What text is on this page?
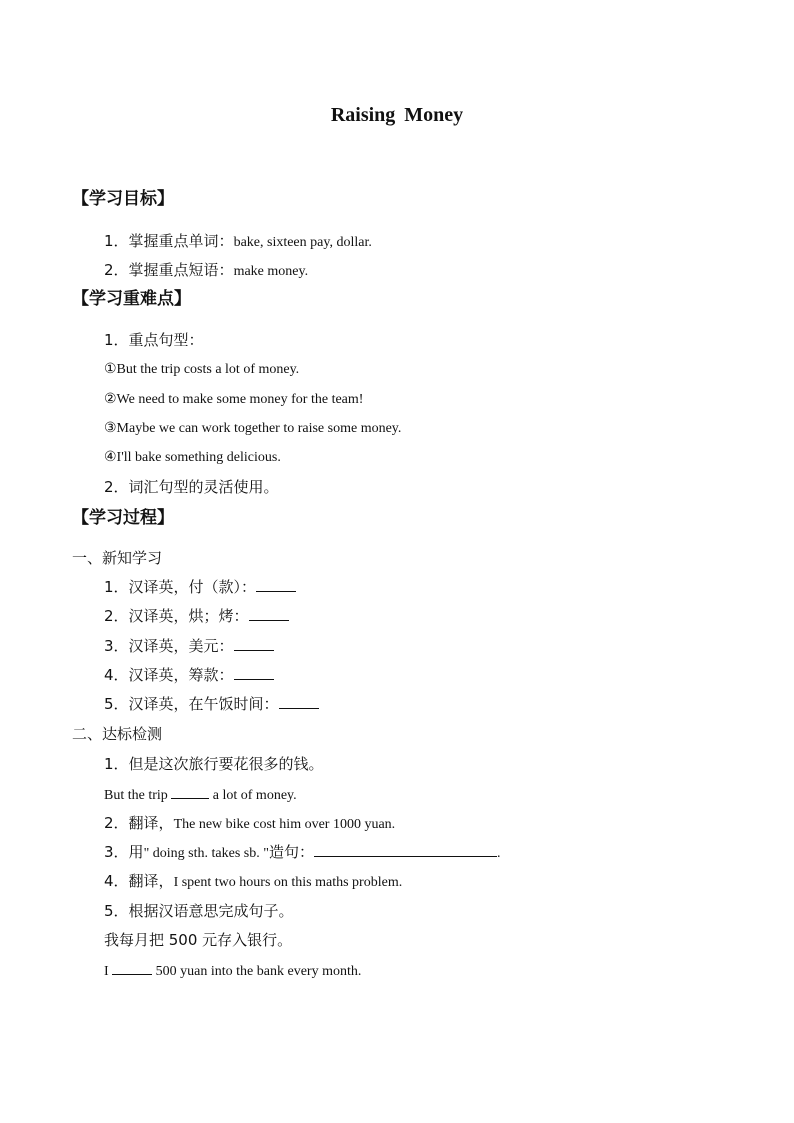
Raising Money
【学习目标】
1．掌握重点单词：bake, sixteen pay, dollar.
2．掌握重点短语：make money.
【学习重难点】
1．重点句型：
①But the trip costs a lot of money.
②We need to make some money for the team!
③Maybe we can work together to raise some money.
④I'll bake something delicious.
2．词汇句型的灵活使用。
【学习过程】
一、新知学习
1．汉译英，付（款）：
2．汉译英，烘；烤：
3．汉译英，美元：
4．汉译英，筹款：
5．汉译英，在午饭时间：
二、达标检测
1．但是这次旅行要花很多的钱。
But the trip	a lot of money.
2．翻译，The new bike cost him over 1000 yuan.
3．用" doing sth. takes sb. "造句：	.
4．翻译，I spent two hours on this maths problem.
5．根据汉语意思完成句子。
我每月把 500 元存入银行。
I	500 yuan into the bank every month.
